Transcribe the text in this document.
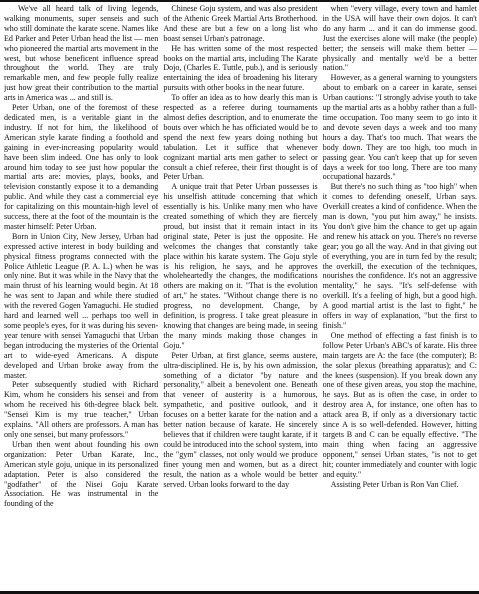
We've all heard talk of living legends, walking monuments, super senseis and such who still dominate the karate scene. Names like Ed Parker and Peter Urban head the list — men who pioneered the martial arts movement in the west, but whose beneficent influence spread throughout the world. They are truly remarkable men, and few people fully realize just how great their contribution to the martial arts in America was ... and still is.

Peter Urban, one of the foremost of these dedicated men, is a veritable giant in the industry. If not for him, the likelihood of American style karate finding a foothold and gaining in ever-increasing popularity would have been slim indeed. One has only to look around him today to see just how popular the martial arts are: movies, plays, books, and television constantly expose it to a demanding public. And while they cast a commercial eye for capitalizing on this mountain-high level of success, there at the foot of the mountain is the master himself: Peter Urban.

Born in Union City, New Jersey, Urban had expressed active interest in body building and physical fitness programs connected with the Police Athletic League (P. A. L.) when he was only nine. But it was while in the Navy that the main thrust of his learning would begin. At 18 he was sent to Japan and while there studied with the revered Gogen Yamaguchi. He studied hard and learned well ... perhaps too well in some people's eyes, for it was during his seven-year tenure with sensei Yamaguchi that Urban began introducing the mysteries of the Oriental art to wide-eyed Americans. A dispute developed and Urban broke away from the master.

Peter subsequently studied with Richard Kim, whom he considers his sensei and from whom he received his 6th-degree black belt. "Sensei Kim is my true teacher," Urban explains. "All others are professors. A man has only one sensei, but many professors."

Urban then went about founding his own organization: Peter Urban Karate, Inc., American style goju, unique in its personalized adaptation. Peter is also considered the "godfather" of the Nisei Goju Karate Association. He was instrumental in the founding of the

Chinese Goju system, and was also president of the Athenic Greek Martial Arts Brotherhood. And these are but a few on a long list who boast sensei Urban's patronage.

He has written some of the most respected books on the martial arts, including The Karate Dojo, (Charles E. Tuttle, pub.), and is seriously entertaining the idea of broadening his literary pursuits with other books in the near future.

To offer an idea as to how dearly this man is respected as a referee during tournaments almost defies description, and to enumerate the bouts over which he has officiated would be to spend the next few years doing nothing but tabulation. Let it suffice that whenever cognizant martial arts men gather to select or consult a chief referee, their first thought is of Peter Urban.

A unique trait that Peter Urban possesses is his unselfish attitude concerning that which essentially is his. Unlike many men who have created something of which they are fiercely proud, but insist that it remain intact in its original state, Peter is just the opposite. He welcomes the changes that constantly take place within his karate system. The Goju style is his religion, he says, and he approves wholeheartedly the changes, the modifications others are making on it. "That is the evolution of art," he states. "Without change there is no progress, no development. Change, by definition, is progress. I take great pleasure in knowing that changes are being made, in seeing the many minds making those changes in Goju."

Peter Urban, at first glance, seems austere, ultra-disciplined. He is, by his own admission, something of a dictator "by nature and personality," albeit a benevolent one. Beneath that veneer of austerity is a humorous, sympathetic, and positive outlook, and it focuses on a better karate for the nation and a better nation because of karate. He sincerely believes that if children were taught karate, if it could be introduced into the school system, into the "gym" classes, not only would we produce finer young men and women, but as a direct result, the nation as a whole would be better served. Urban looks forward to the day

when "every village, every town and hamlet in the USA will have their own dojos. It can't do any harm ... and it can do immense good. Just the exercises alone will make (the people) better; the senseis will make them better — physically and mentally we'd be a better nation."

However, as a general warning to youngsters about to embark on a career in karate, sensei Urban cautions: "I strongly advise youth to take up the martial arts as a hobby rather than a full-time occupation. Too many seem to go into it and devote seven days a week and too many hours a day. That's too much. That wears the body down. They are too high, too much in passing gear. You can't keep that up for seven days a week for too long. There are too many occupational hazards."

But there's no such thing as "too high" when it comes to defending oneself, Urban says. Overkill creates a kind of confidence. When the man is down, "you put him away," he insists. You don't give him the chance to get up again and renew his attack on you. There's no reverse gear; you go all the way. And in that giving out of everything, you are in turn fed by the result; the overkill, the execution of the techniques, nourishes the confidence. It's not an aggressive mentality," he says. "It's self-defense with overkill. It's a feeling of high, but a good high. A good martial artist is the last to fight," he offers in way of explanation, "but the first to finish."

One method of effecting a fast finish is to follow Peter Urban's ABC's of karate. His three main targets are A: the face (the computer); B: the solar plexus (breathing apparatus); and C: the knees (suspension). If you break down any one of these given areas, you stop the machine, he says. But as is often the case, in order to destroy area A, for instance, one often has to attack area B, if only as a diversionary tactic since A is so well-defended. However, hitting targets B and C can be equally effective. "The main thing when facing an aggressive opponent," sensei Urban states, "is not to get hit; counter immediately and counter with logic and equity."

Assisting Peter Urban is Ron Van Clief.
